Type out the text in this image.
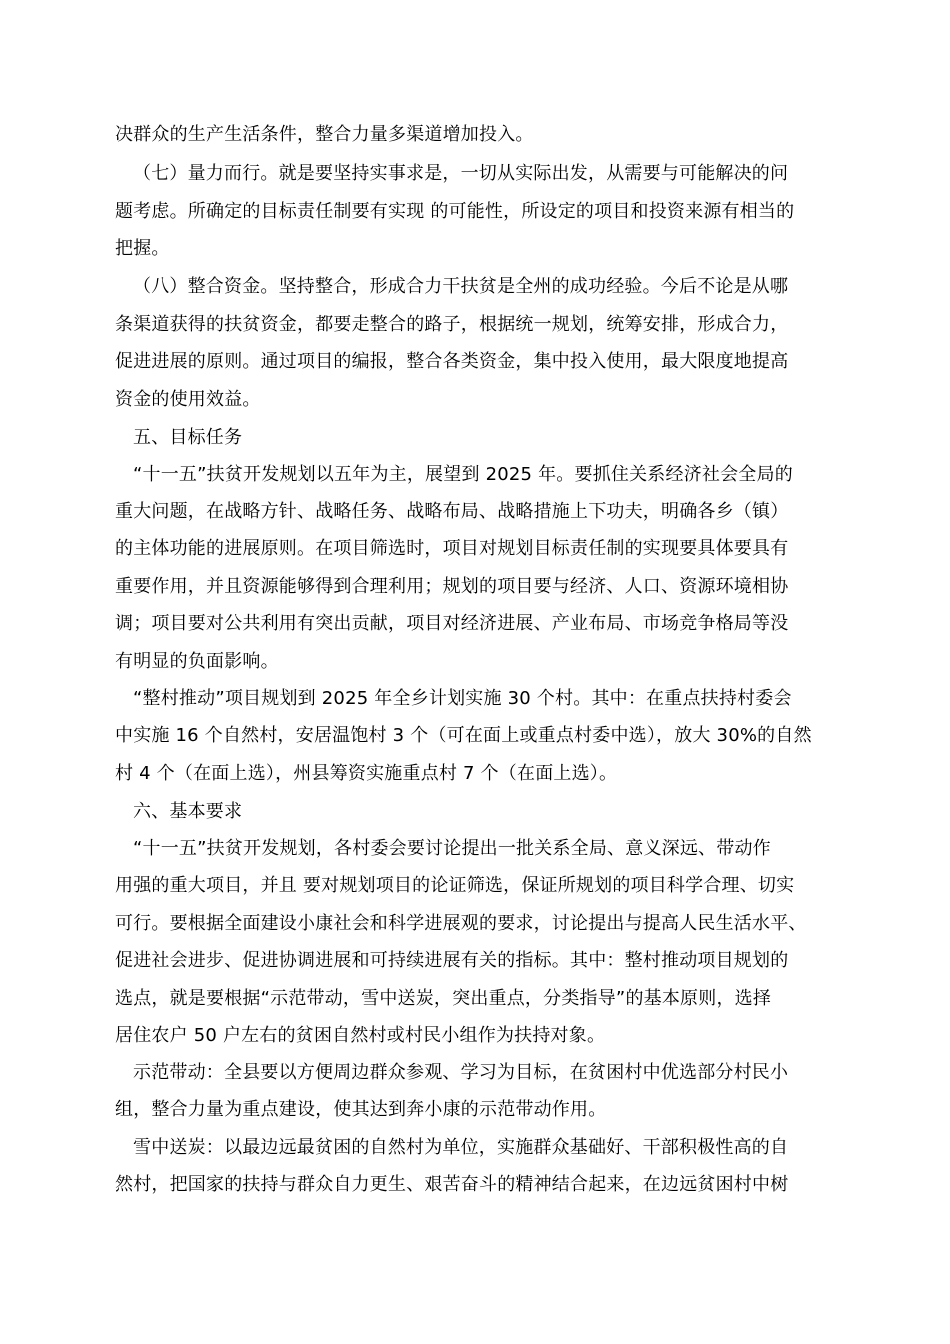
决群众的生产生活条件，整合力量多渠道增加投入。
（七）量力而行。就是要坚持实事求是，一切从实际出发，从需要与可能解决的问
题考虑。所确定的目标责任制要有实现 的可能性，所设定的项目和投资来源有相当的
把握。
（八）整合资金。坚持整合，形成合力干扶贫是全州的成功经验。今后不论是从哪
条渠道获得的扶贫资金，都要走整合的路子，根据统一规划，统筹安排，形成合力，
促进进展的原则。通过项目的编报，整合各类资金，集中投入使用，最大限度地提高
资金的使用效益。
五、目标任务
“十一五”扶贫开发规划以五年为主，展望到 2025 年。要抓住关系经济社会全局的
重大问题，在战略方针、战略任务、战略布局、战略措施上下功夫，明确各乡（镇）
的主体功能的进展原则。在项目筛选时，项目对规划目标责任制的实现要具体要具有
重要作用，并且资源能够得到合理利用；规划的项目要与经济、人口、资源环境相协
调；项目要对公共利用有突出贡献，项目对经济进展、产业布局、市场竞争格局等没
有明显的负面影响。
“整村推动”项目规划到 2025 年全乡计划实施 30 个村。其中：在重点扶持村委会
中实施 16 个自然村，安居温饱村 3 个（可在面上或重点村委中选），放大 30%的自然
村 4 个（在面上选），州县筹资实施重点村 7 个（在面上选）。
六、基本要求
“十一五”扶贫开发规划，各村委会要讨论提出一批关系全局、意义深远、带动作
用强的重大项目，并且 要对规划项目的论证筛选，保证所规划的项目科学合理、切实
可行。要根据全面建设小康社会和科学进展观的要求，讨论提出与提高人民生活水平、
促进社会进步、促进协调进展和可持续进展有关的指标。其中：整村推动项目规划的
选点，就是要根据“示范带动，雪中送炭，突出重点，分类指导”的基本原则，选择
居住农户 50 户左右的贫困自然村或村民小组作为扶持对象。
示范带动：全县要以方便周边群众参观、学习为目标，在贫困村中优选部分村民小
组，整合力量为重点建设，使其达到奔小康的示范带动作用。
雪中送炭：以最边远最贫困的自然村为单位，实施群众基础好、干部积极性高的自
然村，把国家的扶持与群众自力更生、艰苦奋斗的精神结合起来，在边远贫困村中树
